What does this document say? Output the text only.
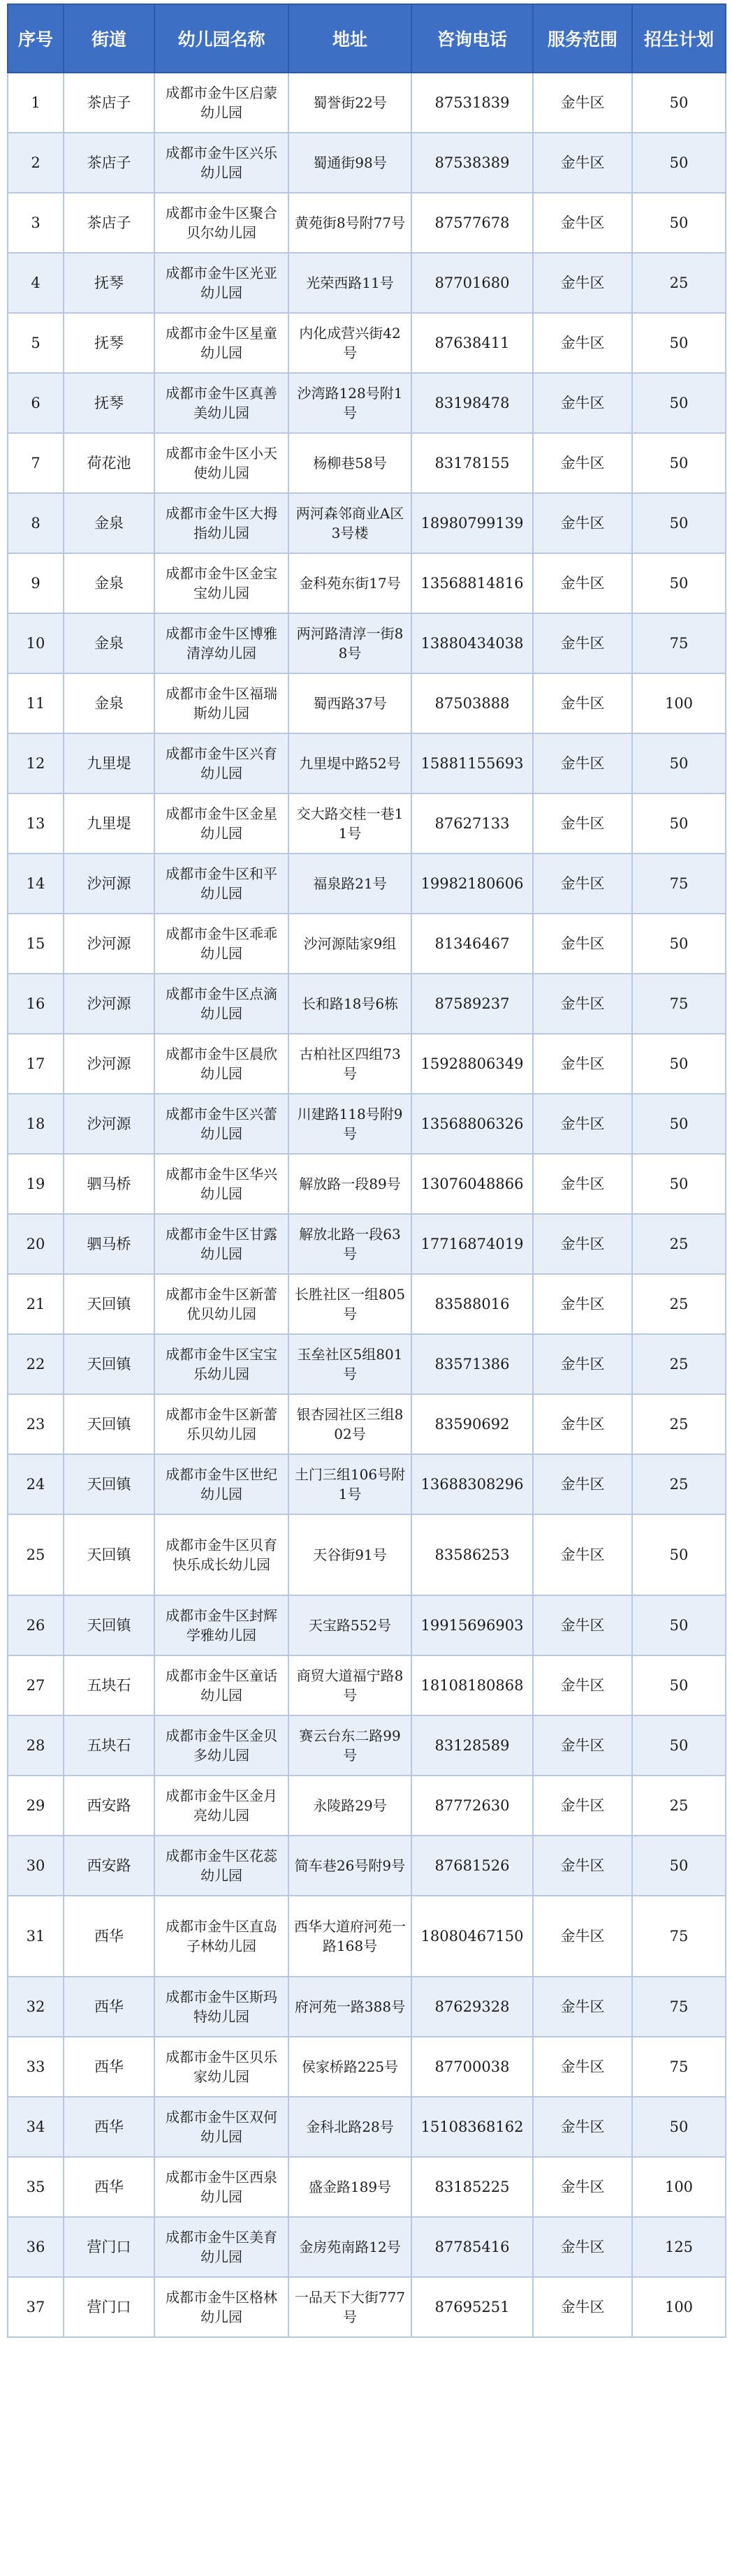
序号	街道	幼儿园名称	地址	咨询电话	服务范围	招生计划
1	茶店子	成都市金牛区启蒙幼儿园	蜀誉街22号	87531839	金牛区	50
2	茶店子	成都市金牛区兴乐幼儿园	蜀通街98号	87538389	金牛区	50
3	茶店子	成都市金牛区聚合贝尔幼儿园	黄苑街8号附77号	87577678	金牛区	50
4	抚琴	成都市金牛区光亚幼儿园	光荣西路11号	87701680	金牛区	25
5	抚琴	成都市金牛区星童幼儿园	内化成营兴街42号	87638411	金牛区	50
6	抚琴	成都市金牛区真善美幼儿园	沙湾路128号附1号	83198478	金牛区	50
7	荷花池	成都市金牛区小天使幼儿园	杨柳巷58号	83178155	金牛区	50
8	金泉	成都市金牛区大拇指幼儿园	两河森邻商业A区3号楼	18980799139	金牛区	50
9	金泉	成都市金牛区金宝宝幼儿园	金科苑东街17号	13568814816	金牛区	50
10	金泉	成都市金牛区博雅清淳幼儿园	两河路清淳一街88号	13880434038	金牛区	75
11	金泉	成都市金牛区福瑞斯幼儿园	蜀西路37号	87503888	金牛区	100
12	九里堤	成都市金牛区兴育幼儿园	九里堤中路52号	15881155693	金牛区	50
13	九里堤	成都市金牛区金星幼儿园	交大路交桂一巷11号	87627133	金牛区	50
14	沙河源	成都市金牛区和平幼儿园	福泉路21号	19982180606	金牛区	75
15	沙河源	成都市金牛区乖乖幼儿园	沙河源陆家9组	81346467	金牛区	50
16	沙河源	成都市金牛区点滴幼儿园	长和路18号6栋	87589237	金牛区	75
17	沙河源	成都市金牛区晨欣幼儿园	古柏社区四组73号	15928806349	金牛区	50
18	沙河源	成都市金牛区兴蕾幼儿园	川建路118号附9号	13568806326	金牛区	50
19	驷马桥	成都市金牛区华兴幼儿园	解放路一段89号	13076048866	金牛区	50
20	驷马桥	成都市金牛区甘露幼儿园	解放北路一段63号	17716874019	金牛区	25
21	天回镇	成都市金牛区新蕾优贝幼儿园	长胜社区一组805号	83588016	金牛区	25
22	天回镇	成都市金牛区宝宝乐幼儿园	玉垒社区5组801号	83571386	金牛区	25
23	天回镇	成都市金牛区新蕾乐贝幼儿园	银杏园社区三组802号	83590692	金牛区	25
24	天回镇	成都市金牛区世纪幼儿园	土门三组106号附1号	13688308296	金牛区	25
25	天回镇	成都市金牛区贝育快乐成长幼儿园	天谷街91号	83586253	金牛区	50
26	天回镇	成都市金牛区封辉学雅幼儿园	天宝路552号	19915696903	金牛区	50
27	五块石	成都市金牛区童话幼儿园	商贸大道福宁路8号	18108180868	金牛区	50
28	五块石	成都市金牛区金贝多幼儿园	赛云台东二路99号	83128589	金牛区	50
29	西安路	成都市金牛区金月亮幼儿园	永陵路29号	87772630	金牛区	25
30	西安路	成都市金牛区花蕊幼儿园	简车巷26号附9号	87681526	金牛区	50
31	西华	成都市金牛区直岛子林幼儿园	西华大道府河苑一路168号	18080467150	金牛区	75
32	西华	成都市金牛区斯玛特幼儿园	府河苑一路388号	87629328	金牛区	75
33	西华	成都市金牛区贝乐家幼儿园	侯家桥路225号	87700038	金牛区	75
34	西华	成都市金牛区双何幼儿园	金科北路28号	15108368162	金牛区	50
35	西华	成都市金牛区西泉幼儿园	盛金路189号	83185225	金牛区	100
36	营门口	成都市金牛区美育幼儿园	金房苑南路12号	87785416	金牛区	125
37	营门口	成都市金牛区格林幼儿园	一品天下大街777号	87695251	金牛区	100
